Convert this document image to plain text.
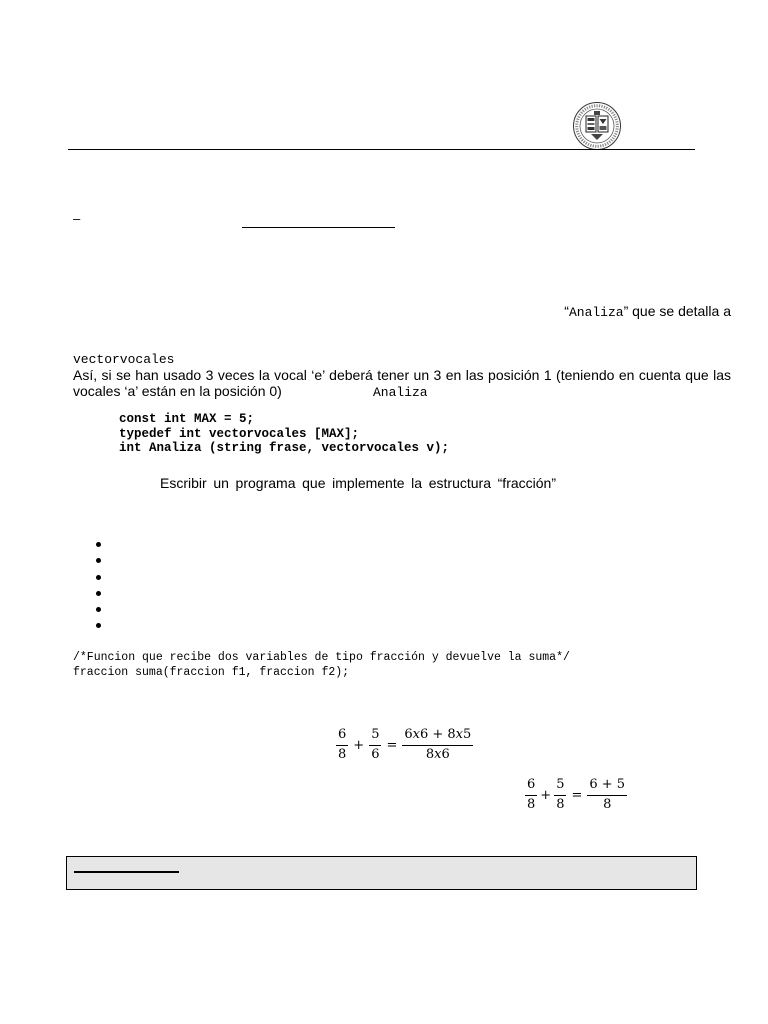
–
“Analiza” que se detalla a
vectorvocales
Así, si se han usado 3 veces la vocal ‘e’ deberá tener un 3 en las posición 1 (teniendo en cuenta que las
vocales ‘a’ están en la posición 0)	Analiza
const int MAX = 5;
typedef int vectorvocales [MAX];
int Analiza (string frase, vectorvocales v);
Escribir un programa que implemente la estructura “fracción”
/*Funcion que recibe dos variables de tipo fracción y devuelve la suma*/
fraccion suma(fraccion f1, fraccion f2);
$\frac{6}{8} + \frac{5}{6} = \frac{\text{6𝑥6 + 8𝑥5}}{\text{8𝑥6}}$
$\frac{6}{8} + \frac{5}{8} = \frac{6 + 5}{8}$
